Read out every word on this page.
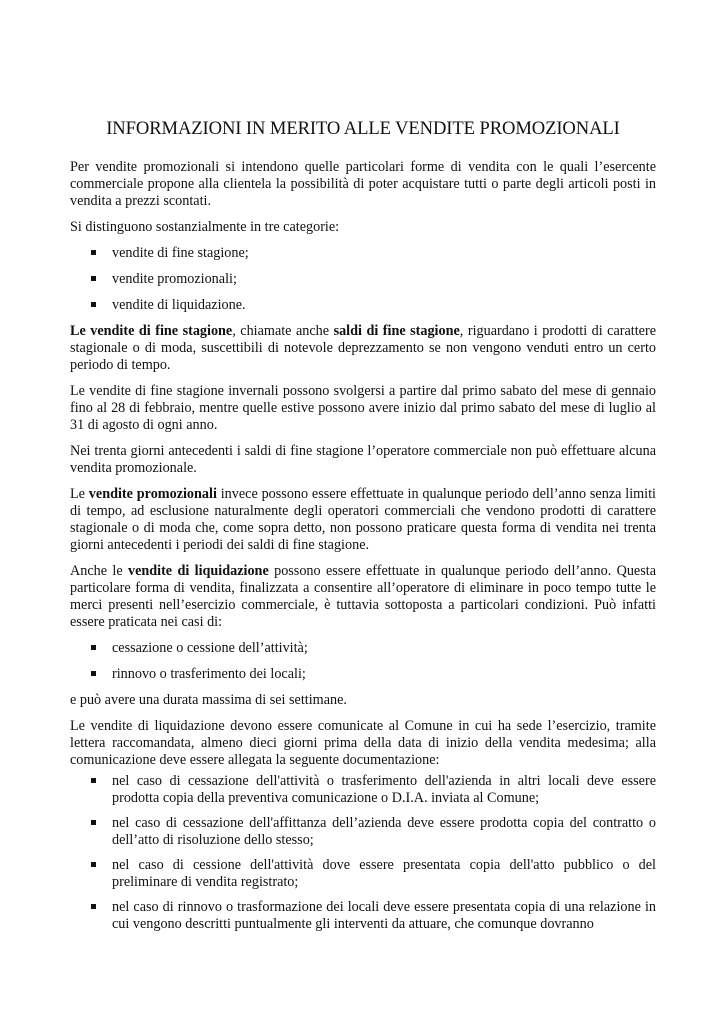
INFORMAZIONI IN MERITO ALLE VENDITE PROMOZIONALI

Per vendite promozionali si intendono quelle particolari forme di vendita con le quali l’esercente commerciale propone alla clientela la possibilità di poter acquistare tutti o parte degli articoli posti in vendita a prezzi scontati.

Si distinguono sostanzialmente in tre categorie:

vendite di fine stagione;
vendite promozionali;
vendite di liquidazione.

Le vendite di fine stagione, chiamate anche saldi di fine stagione, riguardano i prodotti di carattere stagionale o di moda, suscettibili di notevole deprezzamento se non vengono venduti entro un certo periodo di tempo.

Le vendite di fine stagione invernali possono svolgersi a partire dal primo sabato del mese di gennaio fino al 28 di febbraio, mentre quelle estive possono avere inizio dal primo sabato del mese di luglio al 31 di agosto di ogni anno.

Nei trenta giorni antecedenti i saldi di fine stagione l’operatore commerciale non può effettuare alcuna vendita promozionale.

Le vendite promozionali invece possono essere effettuate in qualunque periodo dell’anno senza limiti di tempo, ad esclusione naturalmente degli operatori commerciali che vendono prodotti di carattere stagionale o di moda che, come sopra detto, non possono praticare questa forma di vendita nei trenta giorni antecedenti i periodi dei saldi di fine stagione.

Anche le vendite di liquidazione possono essere effettuate in qualunque periodo dell’anno. Questa particolare forma di vendita, finalizzata a consentire all’operatore di eliminare in poco tempo tutte le merci presenti nell’esercizio commerciale, è tuttavia sottoposta a particolari condizioni. Può infatti essere praticata nei casi di:

cessazione o cessione dell’attività;
rinnovo o trasferimento dei locali;

e può avere una durata massima di sei settimane.

Le vendite di liquidazione devono essere comunicate al Comune in cui ha sede l’esercizio, tramite lettera raccomandata, almeno dieci giorni prima della data di inizio della vendita medesima; alla comunicazione deve essere allegata la seguente documentazione:

nel caso di cessazione dell'attività o trasferimento dell'azienda in altri locali deve essere prodotta copia della preventiva comunicazione o D.I.A. inviata al Comune;
nel caso di cessazione dell'affittanza dell’azienda deve essere prodotta copia del contratto o dell’atto di risoluzione dello stesso;
nel caso di cessione dell'attività dove essere presentata copia dell'atto pubblico o del preliminare di vendita registrato;
nel caso di rinnovo o trasformazione dei locali deve essere presentata copia di una relazione in cui vengono descritti puntualmente gli interventi da attuare, che comunque dovranno
